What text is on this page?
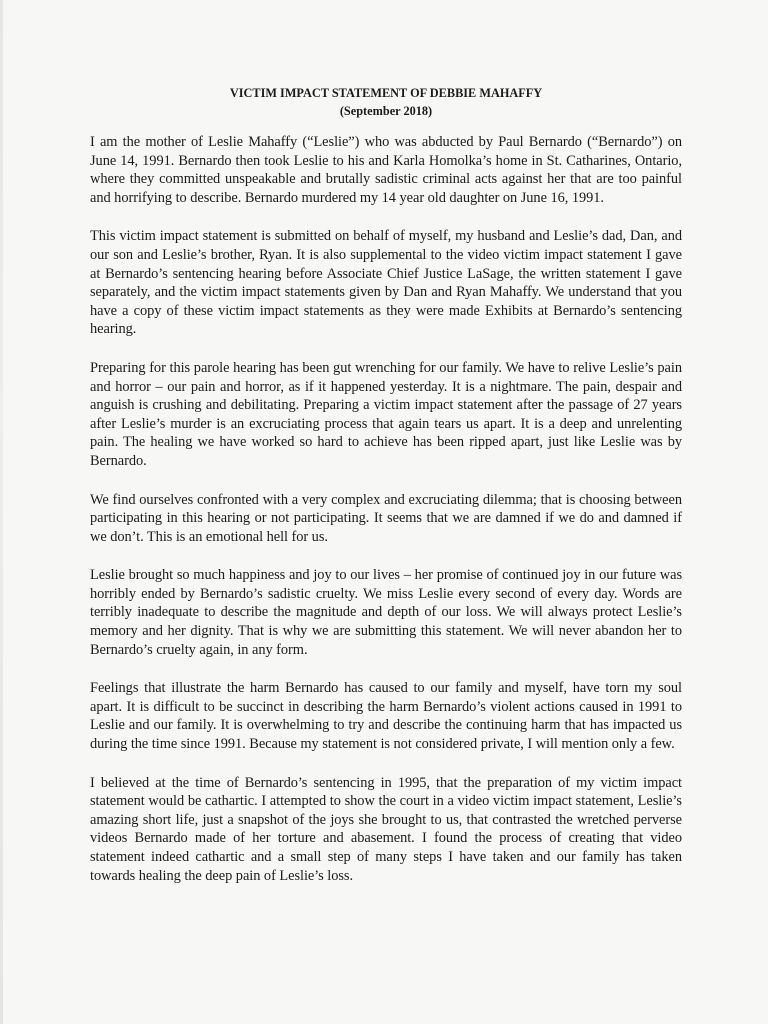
VICTIM IMPACT STATEMENT OF DEBBIE MAHAFFY

(September 2018)

I am the mother of Leslie Mahaffy (“Leslie”) who was abducted by Paul Bernardo (“Bernardo”) on June 14, 1991. Bernardo then took Leslie to his and Karla Homolka’s home in St. Catharines, Ontario, where they committed unspeakable and brutally sadistic criminal acts against her that are too painful and horrifying to describe. Bernardo murdered my 14 year old daughter on June 16, 1991.

This victim impact statement is submitted on behalf of myself, my husband and Leslie’s dad, Dan, and our son and Leslie’s brother, Ryan. It is also supplemental to the video victim impact statement I gave at Bernardo’s sentencing hearing before Associate Chief Justice LaSage, the written statement I gave separately, and the victim impact statements given by Dan and Ryan Mahaffy. We understand that you have a copy of these victim impact statements as they were made Exhibits at Bernardo’s sentencing hearing.

Preparing for this parole hearing has been gut wrenching for our family. We have to relive Leslie’s pain and horror – our pain and horror, as if it happened yesterday. It is a nightmare. The pain, despair and anguish is crushing and debilitating. Preparing a victim impact statement after the passage of 27 years after Leslie’s murder is an excruciating process that again tears us apart. It is a deep and unrelenting pain. The healing we have worked so hard to achieve has been ripped apart, just like Leslie was by Bernardo.

We find ourselves confronted with a very complex and excruciating dilemma; that is choosing between participating in this hearing or not participating. It seems that we are damned if we do and damned if we don’t. This is an emotional hell for us.

Leslie brought so much happiness and joy to our lives – her promise of continued joy in our future was horribly ended by Bernardo’s sadistic cruelty. We miss Leslie every second of every day. Words are terribly inadequate to describe the magnitude and depth of our loss. We will always protect Leslie’s memory and her dignity. That is why we are submitting this statement. We will never abandon her to Bernardo’s cruelty again, in any form.

Feelings that illustrate the harm Bernardo has caused to our family and myself, have torn my soul apart. It is difficult to be succinct in describing the harm Bernardo’s violent actions caused in 1991 to Leslie and our family. It is overwhelming to try and describe the continuing harm that has impacted us during the time since 1991. Because my statement is not considered private, I will mention only a few.

I believed at the time of Bernardo’s sentencing in 1995, that the preparation of my victim impact statement would be cathartic. I attempted to show the court in a video victim impact statement, Leslie’s amazing short life, just a snapshot of the joys she brought to us, that contrasted the wretched perverse videos Bernardo made of her torture and abasement. I found the process of creating that video statement indeed cathartic and a small step of many steps I have taken and our family has taken towards healing the deep pain of Leslie’s loss.
